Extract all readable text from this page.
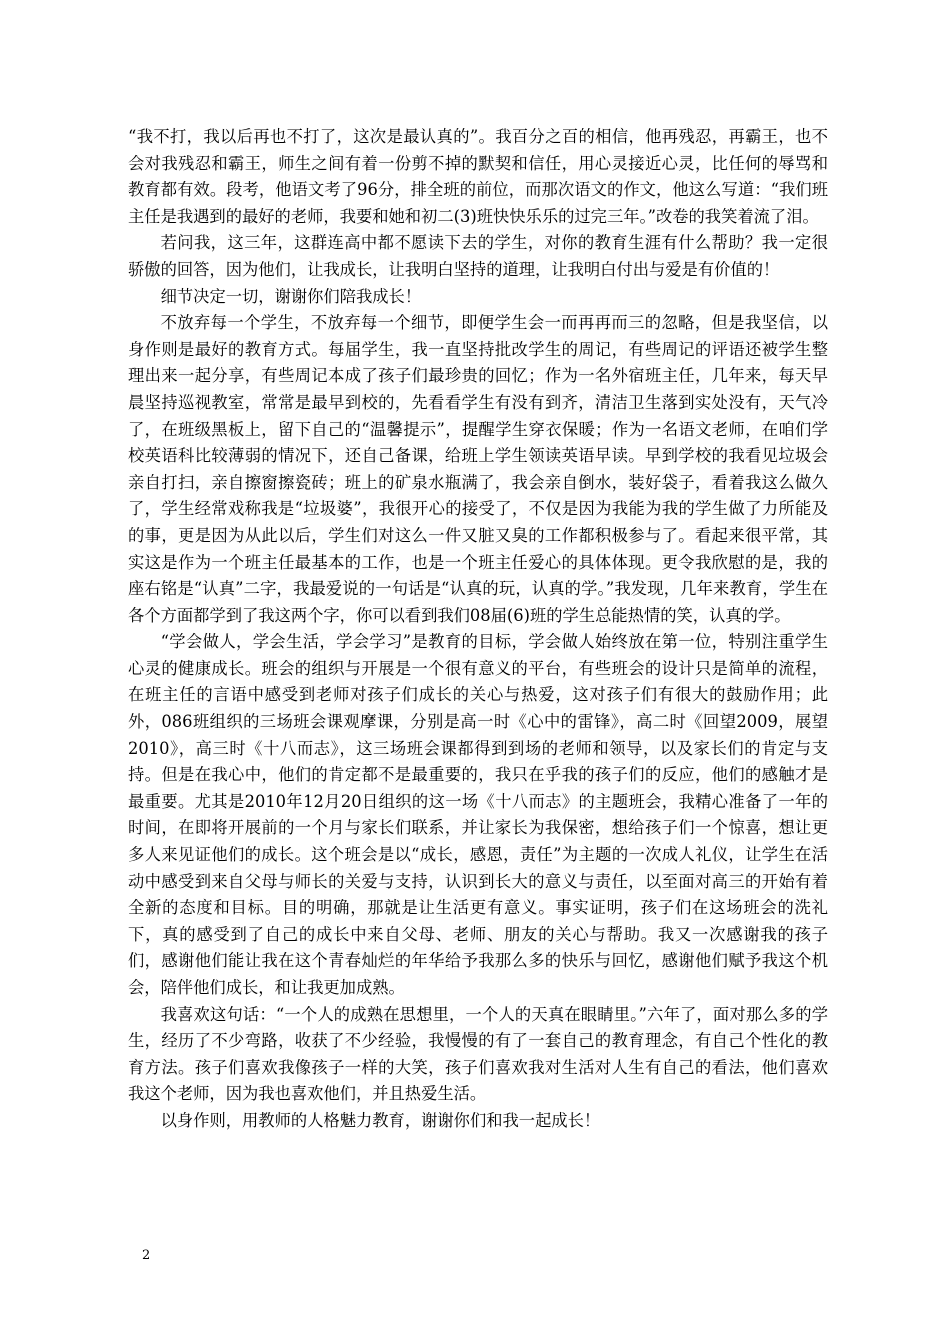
“我不打，我以后再也不打了，这次是最认真的”。我百分之百的相信，他再残忍，再霸王，也不会对我残忍和霸王，师生之间有着一份剪不掉的默契和信任，用心灵接近心灵，比任何的辱骂和教育都有效。段考，他语文考了96分，排全班的前位，而那次语文的作文，他这么写道：“我们班主任是我遇到的最好的老师，我要和她和初二(3)班快快乐乐的过完三年。”改卷的我笑着流了泪。

若问我，这三年，这群连高中都不愿读下去的学生，对你的教育生涯有什么帮助？我一定很骄傲的回答，因为他们，让我成长，让我明白坚持的道理，让我明白付出与爱是有价值的！

细节决定一切，谢谢你们陪我成长！

不放弃每一个学生，不放弃每一个细节，即便学生会一而再再而三的忽略，但是我坚信，以身作则是最好的教育方式。每届学生，我一直坚持批改学生的周记，有些周记的评语还被学生整理出来一起分享，有些周记本成了孩子们最珍贵的回忆；作为一名外宿班主任，几年来，每天早晨坚持巡视教室，常常是最早到校的，先看看学生有没有到齐，清洁卫生落到实处没有，天气冷了，在班级黑板上，留下自己的“温馨提示”，提醒学生穿衣保暖；作为一名语文老师，在咱们学校英语科比较薄弱的情况下，还自己备课，给班上学生领读英语早读。早到学校的我看见垃圾会亲自打扫，亲自擦窗擦瓷砖；班上的矿泉水瓶满了，我会亲自倒水，装好袋子，看着我这么做久了，学生经常戏称我是“垃圾婆”，我很开心的接受了，不仅是因为我能为我的学生做了力所能及的事，更是因为从此以后，学生们对这么一件又脏又臭的工作都积极参与了。看起来很平常，其实这是作为一个班主任最基本的工作，也是一个班主任爱心的具体体现。更令我欣慰的是，我的座右铭是“认真”二字，我最爱说的一句话是“认真的玩，认真的学。”我发现，几年来教育，学生在各个方面都学到了我这两个字，你可以看到我们08届(6)班的学生总能热情的笑，认真的学。

“学会做人，学会生活，学会学习”是教育的目标，学会做人始终放在第一位，特别注重学生心灵的健康成长。班会的组织与开展是一个很有意义的平台，有些班会的设计只是简单的流程，在班主任的言语中感受到老师对孩子们成长的关心与热爱，这对孩子们有很大的鼓励作用；此外，086班组织的三场班会课观摩课，分别是高一时《心中的雷锋》，高二时《回望2009，展望2010》，高三时《十八而志》，这三场班会课都得到到场的老师和领导，以及家长们的肯定与支持。但是在我心中，他们的肯定都不是最重要的，我只在乎我的孩子们的反应，他们的感触才是最重要。尤其是2010年12月20日组织的这一场《十八而志》的主题班会，我精心准备了一年的时间，在即将开展前的一个月与家长们联系，并让家长为我保密，想给孩子们一个惊喜，想让更多人来见证他们的成长。这个班会是以“成长，感恩，责任”为主题的一次成人礼仪，让学生在活动中感受到来自父母与师长的关爱与支持，认识到长大的意义与责任，以至面对高三的开始有着全新的态度和目标。目的明确，那就是让生活更有意义。事实证明，孩子们在这场班会的洗礼下，真的感受到了自己的成长中来自父母、老师、朋友的关心与帮助。我又一次感谢我的孩子们，感谢他们能让我在这个青春灿烂的年华给予我那么多的快乐与回忆，感谢他们赋予我这个机会，陪伴他们成长，和让我更加成熟。

我喜欢这句话：“一个人的成熟在思想里，一个人的天真在眼睛里。”六年了，面对那么多的学生，经历了不少弯路，收获了不少经验，我慢慢的有了一套自己的教育理念，有自己个性化的教育方法。孩子们喜欢我像孩子一样的大笑，孩子们喜欢我对生活对人生有自己的看法，他们喜欢我这个老师，因为我也喜欢他们，并且热爱生活。

以身作则，用教师的人格魅力教育，谢谢你们和我一起成长！

2
